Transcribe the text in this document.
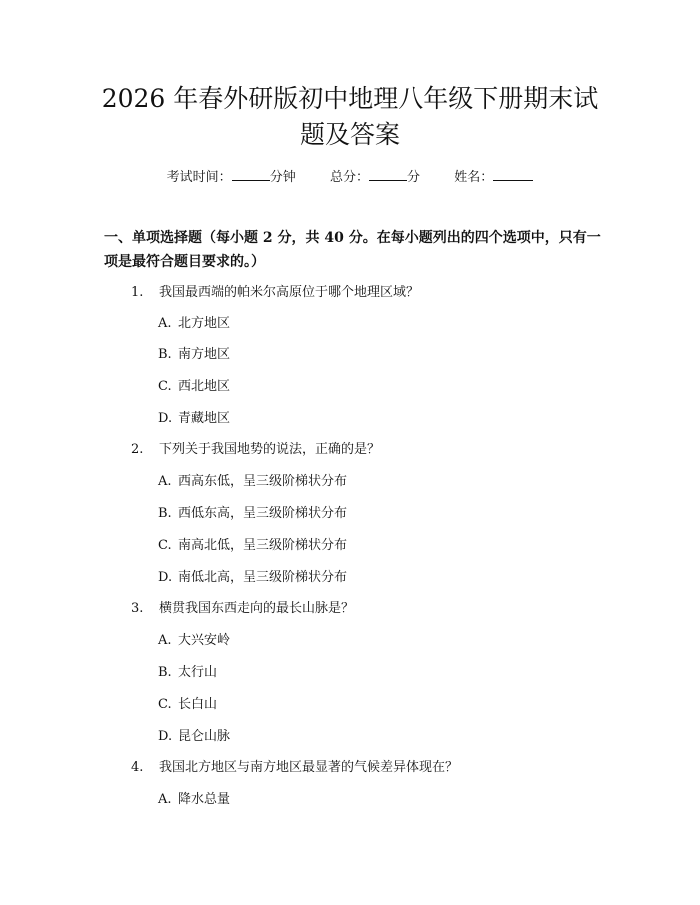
2026 年春外研版初中地理八年级下册期末试
题及答案
考试时间：	分钟	总分：	分	姓名：
一、单项选择题（每小题 2 分，共 40 分。在每小题列出的四个选项中，只有一项是最符合题目要求的。）
1. 我国最西端的帕米尔高原位于哪个地理区域？
A. 北方地区
B. 南方地区
C. 西北地区
D. 青藏地区
2. 下列关于我国地势的说法，正确的是？
A. 西高东低，呈三级阶梯状分布
B. 西低东高，呈三级阶梯状分布
C. 南高北低，呈三级阶梯状分布
D. 南低北高，呈三级阶梯状分布
3. 横贯我国东西走向的最长山脉是？
A. 大兴安岭
B. 太行山
C. 长白山
D. 昆仑山脉
4. 我国北方地区与南方地区最显著的气候差异体现在？
A. 降水总量
